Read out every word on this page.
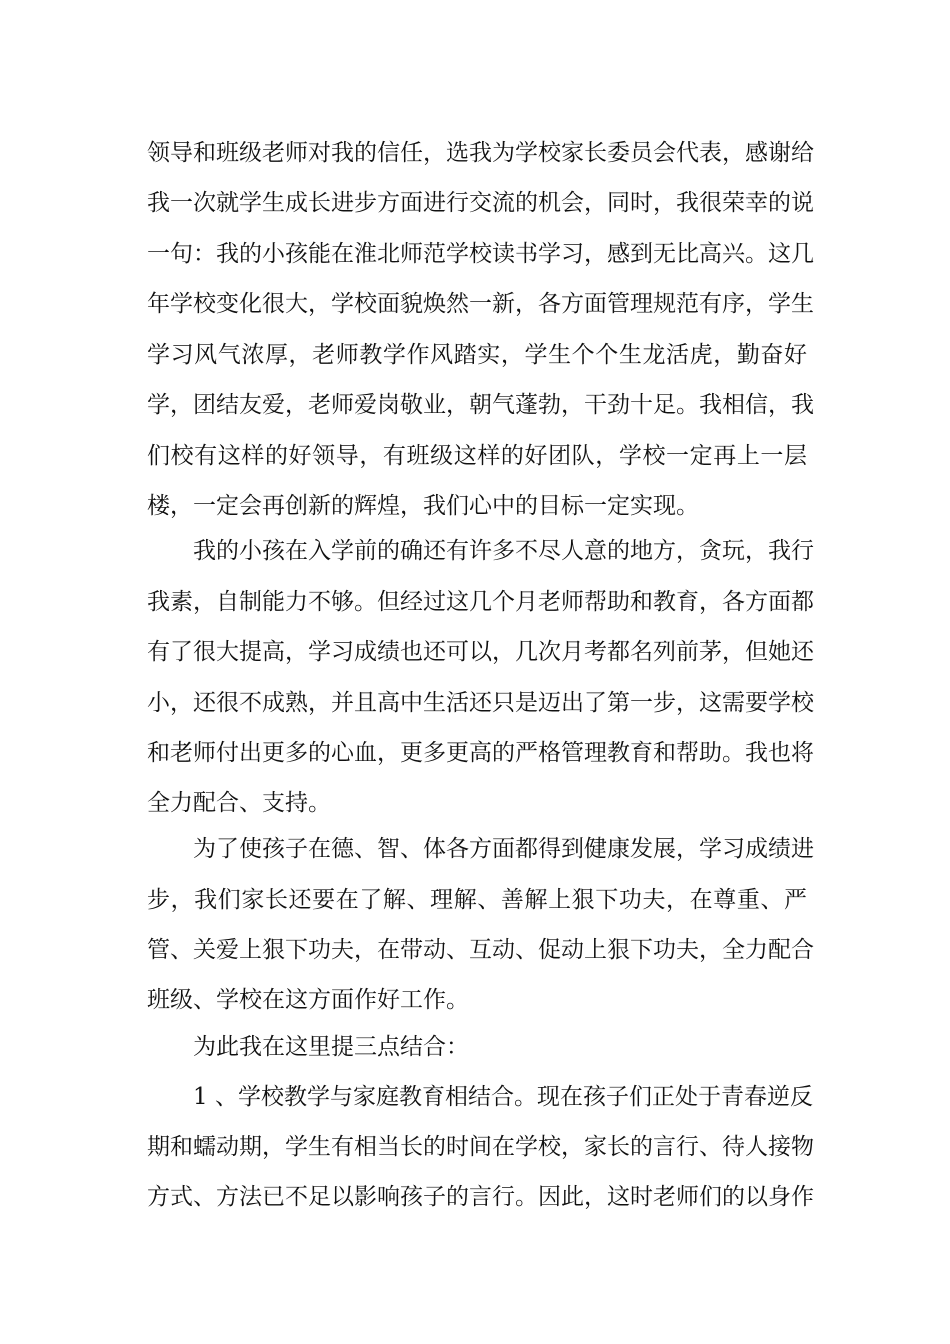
领导和班级老师对我的信任，选我为学校家长委员会代表，感谢给
我一次就学生成长进步方面进行交流的机会，同时，我很荣幸的说
一句：我的小孩能在淮北师范学校读书学习，感到无比高兴。这几
年学校变化很大，学校面貌焕然一新，各方面管理规范有序，学生
学习风气浓厚，老师教学作风踏实，学生个个生龙活虎，勤奋好
学，团结友爱，老师爱岗敬业，朝气蓬勃，干劲十足。我相信，我
们校有这样的好领导，有班级这样的好团队，学校一定再上一层
楼，一定会再创新的辉煌，我们心中的目标一定实现。
我的小孩在入学前的确还有许多不尽人意的地方，贪玩，我行
我素，自制能力不够。但经过这几个月老师帮助和教育，各方面都
有了很大提高，学习成绩也还可以，几次月考都名列前茅，但她还
小，还很不成熟，并且高中生活还只是迈出了第一步，这需要学校
和老师付出更多的心血，更多更高的严格管理教育和帮助。我也将
全力配合、支持。
为了使孩子在德、智、体各方面都得到健康发展，学习成绩进
步，我们家长还要在了解、理解、善解上狠下功夫，在尊重、严
管、关爱上狠下功夫，在带动、互动、促动上狠下功夫，全力配合
班级、学校在这方面作好工作。
为此我在这里提三点结合：
1 、学校教学与家庭教育相结合。现在孩子们正处于青春逆反
期和蠕动期，学生有相当长的时间在学校，家长的言行、待人接物
方式、方法已不足以影响孩子的言行。因此，这时老师们的以身作
